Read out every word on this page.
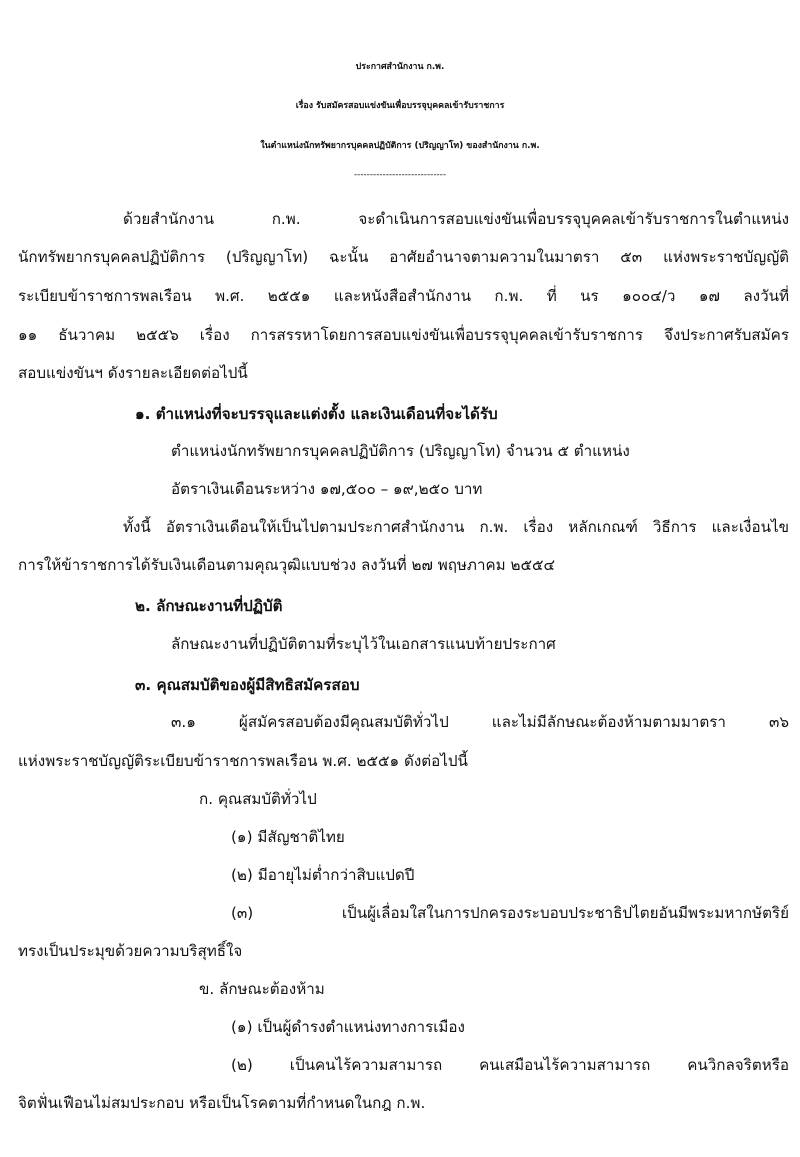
ประกาศสำนักงาน ก.พ.
เรื่อง รับสมัครสอบแข่งขันเพื่อบรรจุบุคคลเข้ารับราชการ
ในตำแหน่งนักทรัพยากรบุคคลปฏิบัติการ (ปริญญาโท) ของสำนักงาน ก.พ.
-----------------------------
ด้วยสำนักงาน ก.พ. จะดำเนินการสอบแข่งขันเพื่อบรรจุบุคคลเข้ารับราชการในตำแหน่ง
นักทรัพยากรบุคคลปฏิบัติการ (ปริญญาโท) ฉะนั้น อาศัยอำนาจตามความในมาตรา ๕๓ แห่งพระราชบัญญัติ
ระเบียบข้าราชการพลเรือน พ.ศ. ๒๕๕๑ และหนังสือสำนักงาน ก.พ. ที่ นร ๑๐๐๔/ว ๑๗ ลงวันที่
๑๑ ธันวาคม ๒๕๕๖ เรื่อง การสรรหาโดยการสอบแข่งขันเพื่อบรรจุบุคคลเข้ารับราชการ จึงประกาศรับสมัคร
สอบแข่งขันฯ ดังรายละเอียดต่อไปนี้
๑. ตำแหน่งที่จะบรรจุและแต่งตั้ง และเงินเดือนที่จะได้รับ
ตำแหน่งนักทรัพยากรบุคคลปฏิบัติการ (ปริญญาโท) จำนวน ๕ ตำแหน่ง
อัตราเงินเดือนระหว่าง ๑๗,๕๐๐ – ๑๙,๒๕๐ บาท
ทั้งนี้ อัตราเงินเดือนให้เป็นไปตามประกาศสำนักงาน ก.พ. เรื่อง หลักเกณฑ์ วิธีการ และเงื่อนไข
การให้ข้าราชการได้รับเงินเดือนตามคุณวุฒิแบบช่วง ลงวันที่ ๒๗ พฤษภาคม ๒๕๕๔
๒. ลักษณะงานที่ปฏิบัติ
ลักษณะงานที่ปฏิบัติตามที่ระบุไว้ในเอกสารแนบท้ายประกาศ
๓. คุณสมบัติของผู้มีสิทธิสมัครสอบ
๓.๑ ผู้สมัครสอบต้องมีคุณสมบัติทั่วไป และไม่มีลักษณะต้องห้ามตามมาตรา ๓๖
แห่งพระราชบัญญัติระเบียบข้าราชการพลเรือน พ.ศ. ๒๕๕๑ ดังต่อไปนี้
ก. คุณสมบัติทั่วไป
(๑) มีสัญชาติไทย
(๒) มีอายุไม่ต่ำกว่าสิบแปดปี
(๓) เป็นผู้เลื่อมใสในการปกครองระบอบประชาธิปไตยอันมีพระมหากษัตริย์
ทรงเป็นประมุขด้วยความบริสุทธิ์ใจ
ข. ลักษณะต้องห้าม
(๑) เป็นผู้ดำรงตำแหน่งทางการเมือง
(๒) เป็นคนไร้ความสามารถ คนเสมือนไร้ความสามารถ คนวิกลจริตหรือ
จิตฟั่นเฟือนไม่สมประกอบ หรือเป็นโรคตามที่กำหนดในกฎ ก.พ.
